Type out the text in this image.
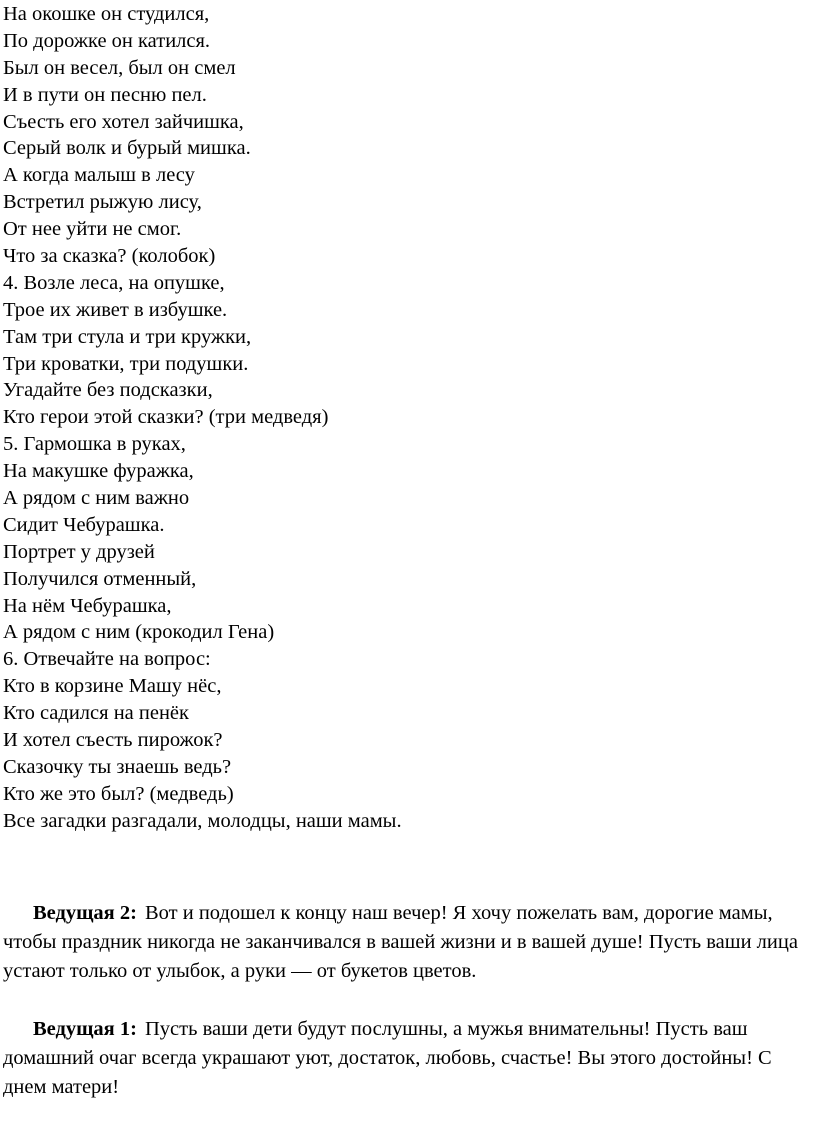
На окошке он студился,
По дорожке он катился.
Был он весел, был он смел
И в пути он песню пел.
Съесть его хотел зайчишка,
Серый волк и бурый мишка.
А когда малыш в лесу
Встретил рыжую лису,
От нее уйти не смог.
Что за сказка? (колобок)
4. Возле леса, на опушке,
Трое их живет в избушке.
Там три стула и три кружки,
Три кроватки, три подушки.
Угадайте без подсказки,
Кто герои этой сказки? (три медведя)
5. Гармошка в руках,
На макушке фуражка,
А рядом с ним важно
Сидит Чебурашка.
Портрет у друзей
Получился отменный,
На нём Чебурашка,
А рядом с ним (крокодил Гена)
6. Отвечайте на вопрос:
Кто в корзине Машу нёс,
Кто садился на пенёк
И хотел съесть пирожок?
Сказочку ты знаешь ведь?
Кто же это был? (медведь)
Все загадки разгадали, молодцы, наши мамы.

Ведущая 2: Вот и подошел к концу наш вечер! Я хочу пожелать вам, дорогие мамы, чтобы праздник никогда не заканчивался в вашей жизни и в вашей душе! Пусть ваши лица устают только от улыбок, а руки — от букетов цветов.

Ведущая 1: Пусть ваши дети будут послушны, а мужья внимательны! Пусть ваш домашний очаг всегда украшают уют, достаток, любовь, счастье! Вы этого достойны! С днем матери!
